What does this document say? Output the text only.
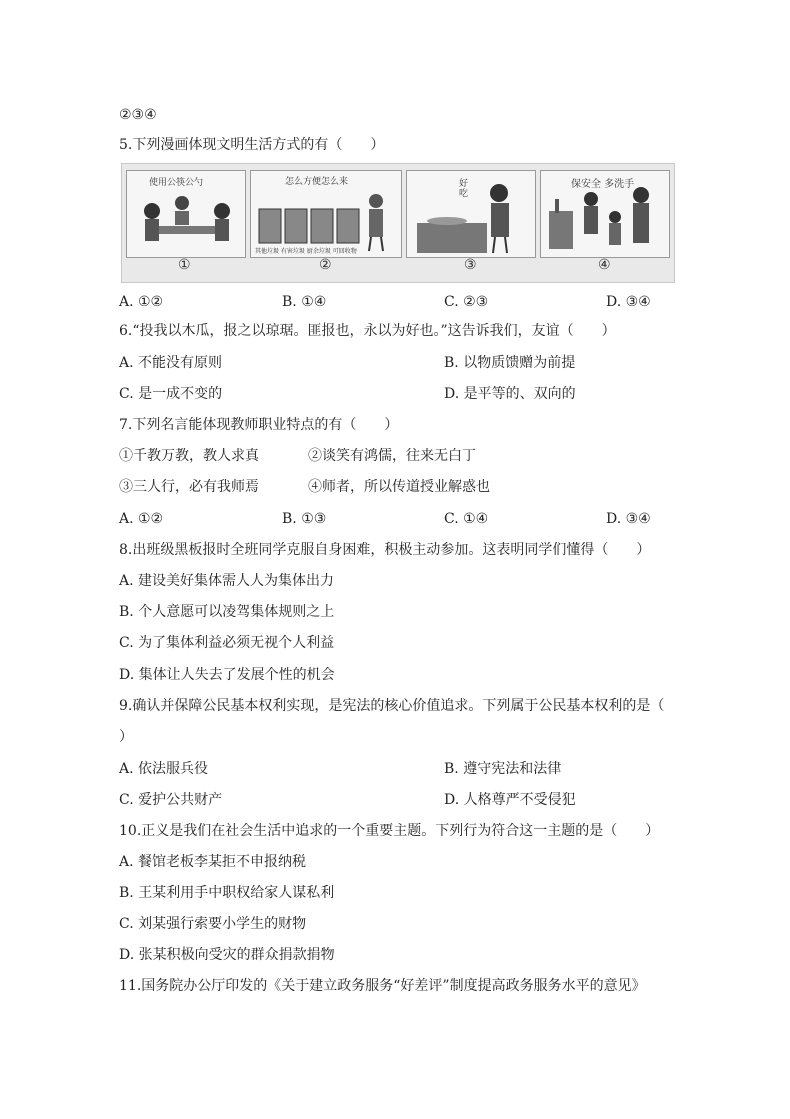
②③④
5.下列漫画体现文明生活方式的有（　　）
使用公筷公勺	怎么方便怎么来
其他垃圾 有害垃圾 厨余垃圾 可回收物
好吃
保安全 多洗手
①	②	③	④
A. ①②	B. ①④	C. ②③	D. ③④
6.“投我以木瓜，报之以琼琚。匪报也，永以为好也。”这告诉我们，友谊（　　）
A. 不能没有原则	B. 以物质馈赠为前提
C. 是一成不变的	D. 是平等的、双向的
7.下列名言能体现教师职业特点的有（　　）
①千教万教，教人求真	②谈笑有鸿儒，往来无白丁
③三人行，必有我师焉	④师者，所以传道授业解惑也
A. ①②	B. ①③	C. ①④	D. ③④
8.出班级黑板报时全班同学克服自身困难，积极主动参加。这表明同学们懂得（　　）
A. 建设美好集体需人人为集体出力
B. 个人意愿可以凌驾集体规则之上
C. 为了集体利益必须无视个人利益
D. 集体让人失去了发展个性的机会
9.确认并保障公民基本权利实现，是宪法的核心价值追求。下列属于公民基本权利的是（
）
A. 依法服兵役	B. 遵守宪法和法律
C. 爱护公共财产	D. 人格尊严不受侵犯
10.正义是我们在社会生活中追求的一个重要主题。下列行为符合这一主题的是（　　）
A. 餐馆老板李某拒不申报纳税
B. 王某利用手中职权给家人谋私利
C. 刘某强行索要小学生的财物
D. 张某积极向受灾的群众捐款捐物
11.国务院办公厅印发的《关于建立政务服务“好差评”制度提高政务服务水平的意见》
